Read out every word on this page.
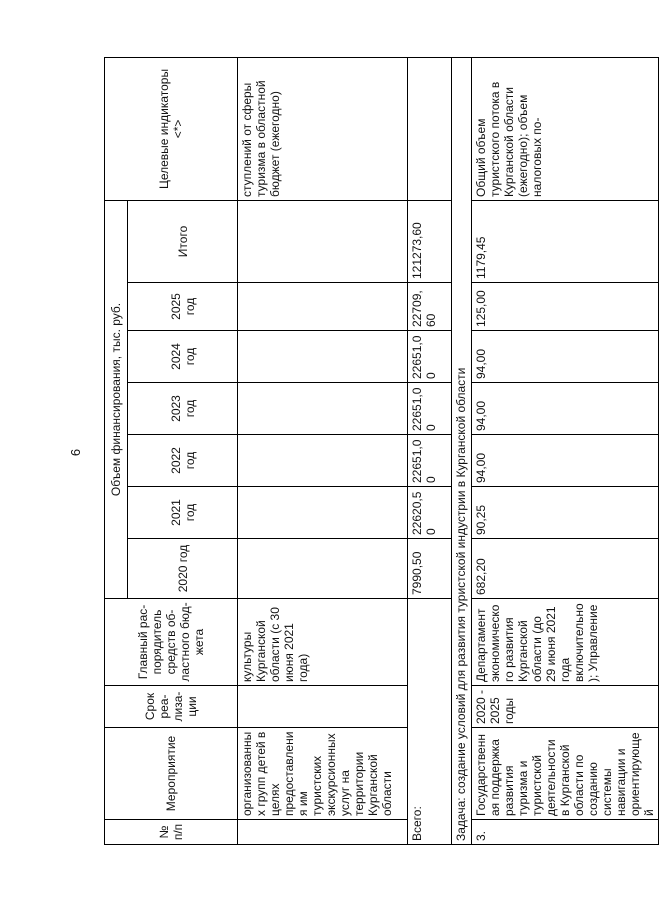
6
№ п/п	Мероприятие	Срок реа-лиза-ции	Главный рас-порядитель средств об-ластного бюд-жета	Объем финансирования, тыс. руб.							Целевые индикаторы <*>
				2020 год	2021 год	2022 год	2023 год	2024 год	2025 год	Итого	
	организованных групп детей в целях предоставления им туристских экскурсионных услуг на территории Курганской области		культуры Курганской области (с 30 июня 2021 года)								ступлений от сферы туризма в областной бюджет (ежегодно)
Всего:				7990,50	22620,50	22651,00	22651,00	22651,00	22709,60	121273,60	
Задача: создание условий для развития туристской индустрии в Курганской области											
3.	Государственная поддержка развития туризма и туристской деятельности в Курганской области по созданию системы навигации и ориентирующей	2020 - 2025 годы	Департамент экономического развития Курганской области (до 29 июня 2021 года включительно); Управление	682,20	90,25	94,00	94,00	94,00	125,00	1179,45	Общий объем туристского потока в Курганской области (ежегодно); объем налоговых по-
